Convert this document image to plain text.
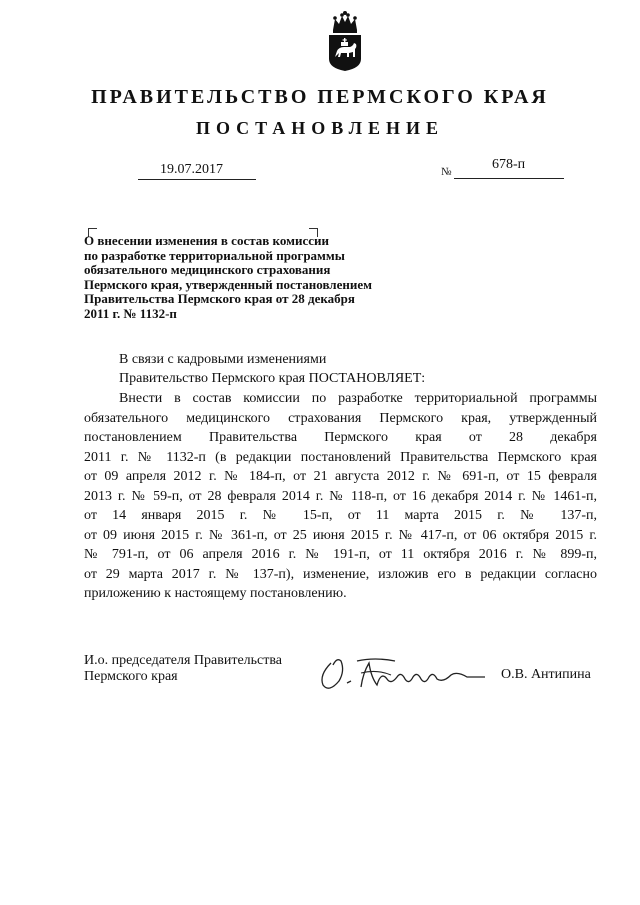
ПРАВИТЕЛЬСТВО ПЕРМСКОГО КРАЯ
ПОСТАНОВЛЕНИЕ
19.07.2017	№	678-п
О внесении изменения в состав комиссии
по разработке территориальной программы
обязательного медицинского страхования
Пермского края, утвержденный постановлением
Правительства Пермского края от 28 декабря
2011 г. № 1132-п
В связи с кадровыми изменениями
Правительство Пермского края ПОСТАНОВЛЯЕТ:
Внести в состав комиссии по разработке территориальной программы
обязательного медицинского страхования Пермского края, утвержденный
постановлением Правительства Пермского края от 28 декабря
2011 г. № 1132-п (в редакции постановлений Правительства Пермского края
от 09 апреля 2012 г. № 184-п, от 21 августа 2012 г. № 691-п, от 15 февраля
2013 г. № 59-п, от 28 февраля 2014 г. № 118-п, от 16 декабря 2014 г. № 1461-п,
от 14 января 2015 г. № 15-п, от 11 марта 2015 г. № 137-п,
от 09 июня 2015 г. № 361-п, от 25 июня 2015 г. № 417-п, от 06 октября 2015 г.
№ 791-п, от 06 апреля 2016 г. № 191-п, от 11 октября 2016 г. № 899-п,
от 29 марта 2017 г. № 137-п), изменение, изложив его в редакции согласно
приложению к настоящему постановлению.
И.о. председателя Правительства
Пермского края	О.В. Антипина
